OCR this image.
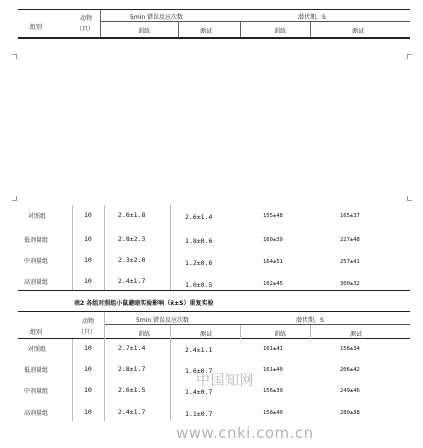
组别
动物
（只）
5min 错误反应次数	潜伏期，S
训练	测试	训练	测试
对照组	10	2.6±1.8	2.6±1.4	155±48	165±37
低剂量组	10	2.8±2.3	1.8±0.6	160±39	227±48
中剂量组	10	2.3±2.0	1.2±0.6	164±51	257±41
高剂量组	10	2.4±1.7	1.0±0.5	162±45	300±32
表2 各组对照组小鼠避暗实验影响（x̄±S）重复实验
组别
动物
（只）
5min 错误反应次数	潜伏期，S
训练	测试	训练	测试
对照组	10	2.7±1.4	2.4±1.1	161±41	158±34
低剂量组	10	2.8±1.7	1.6±0.7	161±40	206±42
中剂量组	10	2.6±1.5	1.4±0.7	156±39	249±46
高剂量组	10	2.4±1.7	1.1±0.7	158±40	280±38
中国知网
www.cnki.com.cn
